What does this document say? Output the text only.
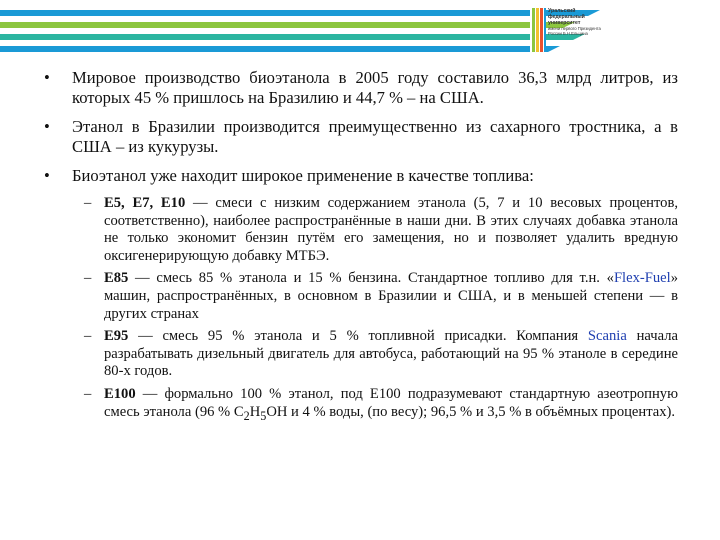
Уральский
федеральный
университет
имени первого Президента
России Б.Н.Ельцина
• Мировое производство биоэтанола в 2005 году составило 36,3 млрд литров, из которых 45 % пришлось на Бразилию и 44,7 % – на США.
• Этанол в Бразилии производится преимущественно из сахарного тростника, а в США – из кукурузы.
• Биоэтанол уже находит широкое применение в качестве топлива:
– E5, E7, E10 — смеси с низким содержанием этанола (5, 7 и 10 весовых процентов, соответственно), наиболее распространённые в наши дни. В этих случаях добавка этанола не только экономит бензин путём его замещения, но и позволяет удалить вредную оксигенерирующую добавку МТБЭ.
– E85 — смесь 85 % этанола и 15 % бензина. Стандартное топливо для т.н. «Flex-Fuel» машин, распространённых, в основном в Бразилии и США, и в меньшей степени — в других странах
– E95 — смесь 95 % этанола и 5 % топливной присадки. Компания Scania начала разрабатывать дизельный двигатель для автобуса, работающий на 95 % этаноле в середине 80-х годов.
– E100 — формально 100 % этанол, под E100 подразумевают стандартную азеотропную смесь этанола (96 % $C_2H_5OH$ и 4 % воды, (по весу); 96,5 % и 3,5 % в объёмных процентах).
